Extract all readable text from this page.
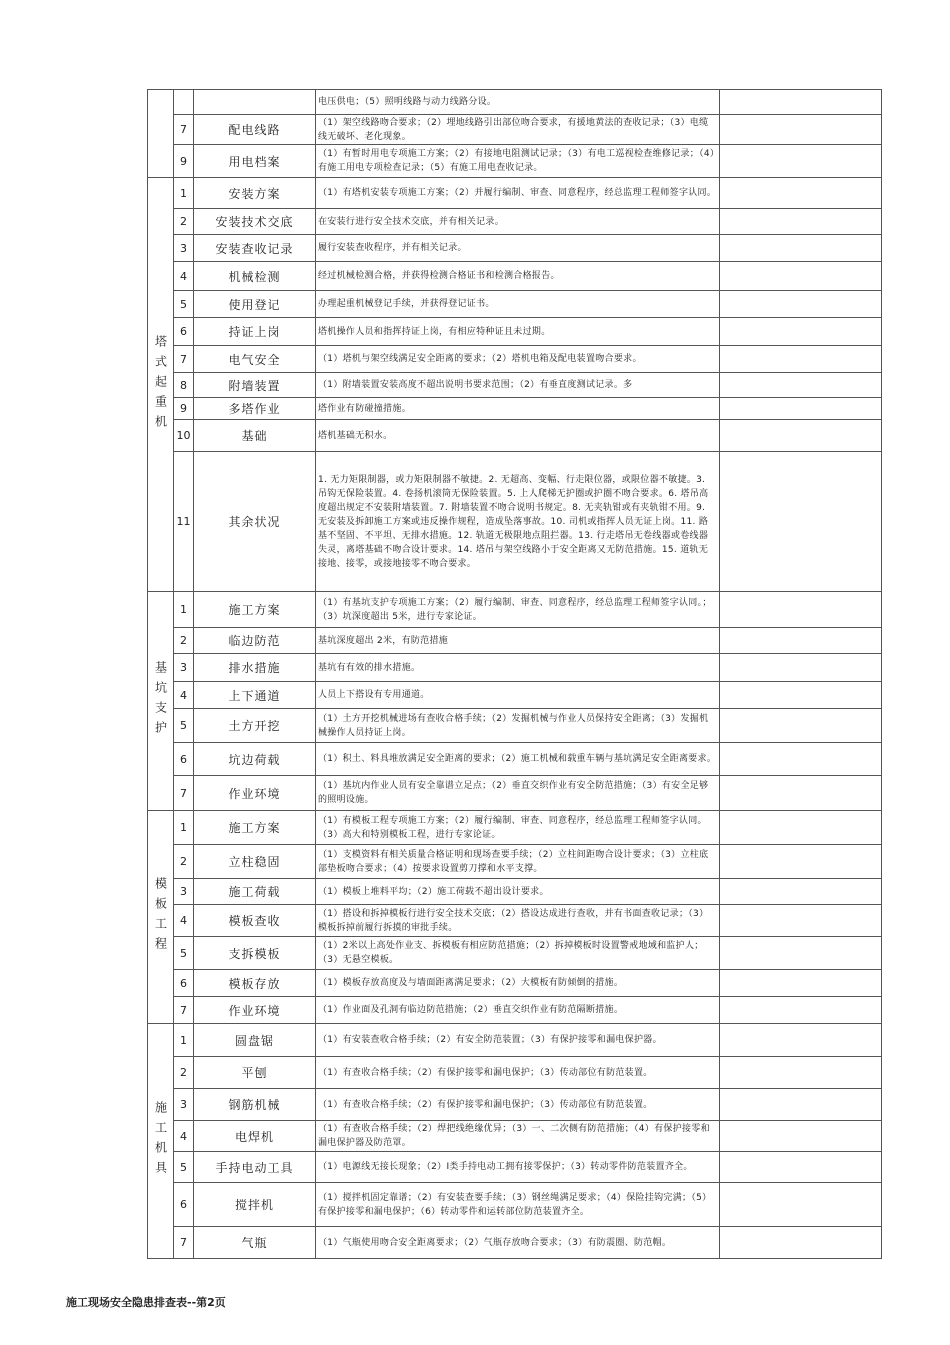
			电压供电；（5）照明线路与动力线路分设。	
	7	配电线路	（1）架空线路吻合要求；（2）埋地线路引出部位吻合要求，有援地黄法的查收记录；（3）电缆线无破坏、老化现象。	
	9	用电档案	（1）有暂时用电专项施工方案；（2）有接地电阻测试记录；（3）有电工巡视检查维修记录；（4）有施工用电专项检查记录；（5）有施工用电查收记录。	
塔式起重机	1	安装方案	（1）有塔机安装专项施工方案；（2）并履行编制、审查、同意程序，经总监理工程师签字认同。	
	2	安装技术交底	在安装行进行安全技术交底，并有相关记录。	
	3	安装查收记录	履行安装查收程序，并有相关记录。	
	4	机械检测	经过机械检测合格，并获得检测合格证书和检测合格报告。	
	5	使用登记	办理起重机械登记手续，并获得登记证书。	
	6	持证上岗	塔机操作人员和指挥持证上岗，有相应特种证且未过期。	
	7	电气安全	（1）塔机与架空线满足安全距离的要求；（2）塔机电箱及配电装置吻合要求。	
	8	附墙装置	（1）附墙装置安装高度不超出说明书要求范围；（2）有垂直度测试记录。多	
	9	多塔作业	塔作业有防碰撞措施。	
	10	基础	塔机基础无积水。	
	11	其余状况	1. 无力矩限制器，或力矩限制器不敏捷。2. 无超高、变幅、行走限位器，或限位器不敏捷。3. 吊钩无保险装置。4. 卷扬机滚筒无保险装置。5. 上人爬梯无护圈或护圈不吻合要求。6. 塔吊高度超出规定不安装附墙装置。7. 附墙装置不吻合说明书规定。8. 无夹轨钳或有夹轨钳不用。9. 无安装及拆卸施工方案或违反操作规程，造成坠落事故。10. 司机或指挥人员无证上岗。11. 路基不坚固、不平坦、无排水措施。12. 轨道无极限地点阻拦器。13. 行走塔吊无卷线器或卷线器失灵，离塔基础不吻合设计要求。14. 塔吊与架空线路小于安全距离又无防范措施。15. 道轨无接地、接零，或接地接零不吻合要求。	
基坑支护	1	施工方案	（1）有基坑支护专项施工方案；（2）履行编制、审查、同意程序，经总监理工程师签字认同。；（3）坑深度超出 5米，进行专家论证。	
	2	临边防范	基坑深度超出 2米，有防范措施	
	3	排水措施	基坑有有效的排水措施。	
	4	上下通道	人员上下搭设有专用通道。	
	5	土方开挖	（1）土方开挖机械进场有查收合格手续；（2）发掘机械与作业人员保持安全距离；（3）发掘机械操作人员持证上岗。	
	6	坑边荷载	（1）积土、料具堆放满足安全距离的要求；（2）施工机械和载重车辆与基坑满足安全距离要求。	
	7	作业环境	（1）基坑内作业人员有安全靠谱立足点；（2）垂直交织作业有安全防范措施；（3）有安全足够的照明设施。	
模板工程	1	施工方案	（1）有模板工程专项施工方案；（2）履行编制、审查、同意程序，经总监理工程师签字认同。（3）高大和特别模板工程，进行专家论证。	
	2	立柱稳固	（1）支模资料有相关质量合格证明和现场查要手续；（2）立柱间距吻合设计要求；（3）立柱底部垫板吻合要求；（4）按要求设置剪刀撑和水平支撑。	
	3	施工荷载	（1）模板上堆料平均；（2）施工荷载不超出设计要求。	
	4	模板查收	（1）搭设和拆掉模板行进行安全技术交底；（2）搭设达成进行查收，并有书面查收记录；（3）模板拆掉前履行拆摸的审批手续。	
	5	支拆模板	（1）2米以上高处作业支、拆模板有相应防范措施；（2）拆掉模板时设置警戒地域和监护人；（3）无悬空模板。	
	6	模板存放	（1）模板存放高度及与墙面距离满足要求；（2）大模板有防倾倒的措施。	
	7	作业环境	（1）作业面及孔洞有临边防范措施；（2）垂直交织作业有防范隔断措施。	
施工机具	1	圆盘锯	（1）有安装查收合格手续；（2）有安全防范装置；（3）有保护接零和漏电保护器。	
	2	平刨	（1）有查收合格手续；（2）有保护接零和漏电保护；（3）传动部位有防范装置。	
	3	钢筋机械	（1）有查收合格手续；（2）有保护接零和漏电保护；（3）传动部位有防范装置。	
	4	电焊机	（1）有查收合格手续；（2）焊把线绝缘优异；（3）一、二次侧有防范措施；（4）有保护接零和漏电保护器及防范罩。	
	5	手持电动工具	（1）电源线无接长现象；（2）Ⅰ类手持电动工拥有接零保护；（3）转动零件防范装置齐全。	
	6	搅拌机	（1）搅拌机固定靠谱；（2）有安装查要手续；（3）钢丝绳满足要求；（4）保险挂钩完满；（5）有保护接零和漏电保护；（6）转动零件和运转部位防范装置齐全。	
	7	气瓶	（1）气瓶使用吻合安全距离要求；（2）气瓶存放吻合要求；（3）有防震圈、防范帽。	
施工现场安全隐患排查表--第2页
